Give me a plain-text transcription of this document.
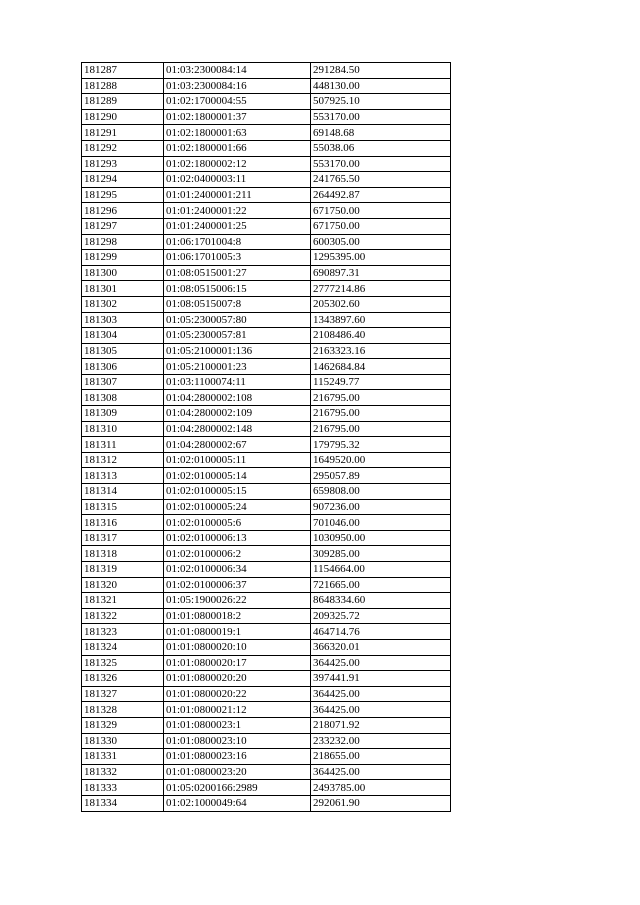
181287	01:03:2300084:14	291284.50
181288	01:03:2300084:16	448130.00
181289	01:02:1700004:55	507925.10
181290	01:02:1800001:37	553170.00
181291	01:02:1800001:63	69148.68
181292	01:02:1800001:66	55038.06
181293	01:02:1800002:12	553170.00
181294	01:02:0400003:11	241765.50
181295	01:01:2400001:211	264492.87
181296	01:01:2400001:22	671750.00
181297	01:01:2400001:25	671750.00
181298	01:06:1701004:8	600305.00
181299	01:06:1701005:3	1295395.00
181300	01:08:0515001:27	690897.31
181301	01:08:0515006:15	2777214.86
181302	01:08:0515007:8	205302.60
181303	01:05:2300057:80	1343897.60
181304	01:05:2300057:81	2108486.40
181305	01:05:2100001:136	2163323.16
181306	01:05:2100001:23	1462684.84
181307	01:03:1100074:11	115249.77
181308	01:04:2800002:108	216795.00
181309	01:04:2800002:109	216795.00
181310	01:04:2800002:148	216795.00
181311	01:04:2800002:67	179795.32
181312	01:02:0100005:11	1649520.00
181313	01:02:0100005:14	295057.89
181314	01:02:0100005:15	659808.00
181315	01:02:0100005:24	907236.00
181316	01:02:0100005:6	701046.00
181317	01:02:0100006:13	1030950.00
181318	01:02:0100006:2	309285.00
181319	01:02:0100006:34	1154664.00
181320	01:02:0100006:37	721665.00
181321	01:05:1900026:22	8648334.60
181322	01:01:0800018:2	209325.72
181323	01:01:0800019:1	464714.76
181324	01:01:0800020:10	366320.01
181325	01:01:0800020:17	364425.00
181326	01:01:0800020:20	397441.91
181327	01:01:0800020:22	364425.00
181328	01:01:0800021:12	364425.00
181329	01:01:0800023:1	218071.92
181330	01:01:0800023:10	233232.00
181331	01:01:0800023:16	218655.00
181332	01:01:0800023:20	364425.00
181333	01:05:0200166:2989	2493785.00
181334	01:02:1000049:64	292061.90
